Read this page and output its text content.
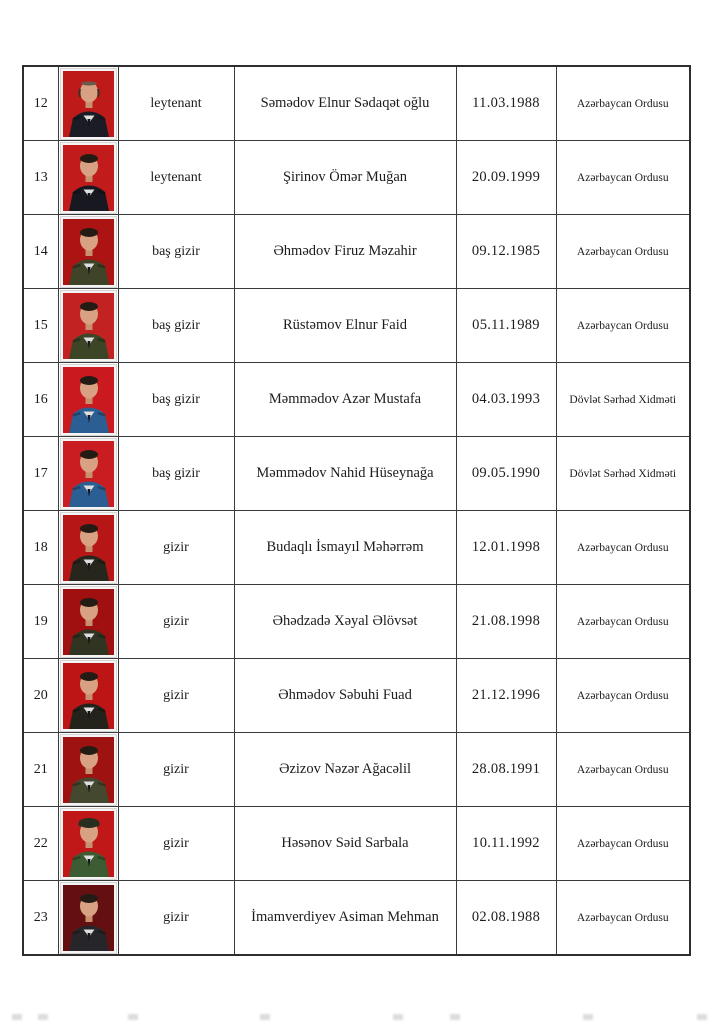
12		leytenant	Səmədov Elnur Sədaqət oğlu	11.03.1988	Azərbaycan Ordusu
13		leytenant	Şirinov Ömər Muğan	20.09.1999	Azərbaycan Ordusu
14		baş gizir	Əhmədov Firuz Məzahir	09.12.1985	Azərbaycan Ordusu
15		baş gizir	Rüstəmov Elnur Faid	05.11.1989	Azərbaycan Ordusu
16		baş gizir	Məmmədov Azər Mustafa	04.03.1993	Dövlət Sərhəd Xidməti
17		baş gizir	Məmmədov Nahid Hüseynağa	09.05.1990	Dövlət Sərhəd Xidməti
18		gizir	Budaqlı İsmayıl Məhərrəm	12.01.1998	Azərbaycan Ordusu
19		gizir	Əhədzadə Xəyal Əlövsət	21.08.1998	Azərbaycan Ordusu
20		gizir	Əhmədov Səbuhi Fuad	21.12.1996	Azərbaycan Ordusu
21		gizir	Əzizov Nəzər Ağacəlil	28.08.1991	Azərbaycan Ordusu
22		gizir	Həsənov Səid Sarbala	10.11.1992	Azərbaycan Ordusu
23		gizir	İmamverdiyev Asiman Mehman	02.08.1988	Azərbaycan Ordusu
